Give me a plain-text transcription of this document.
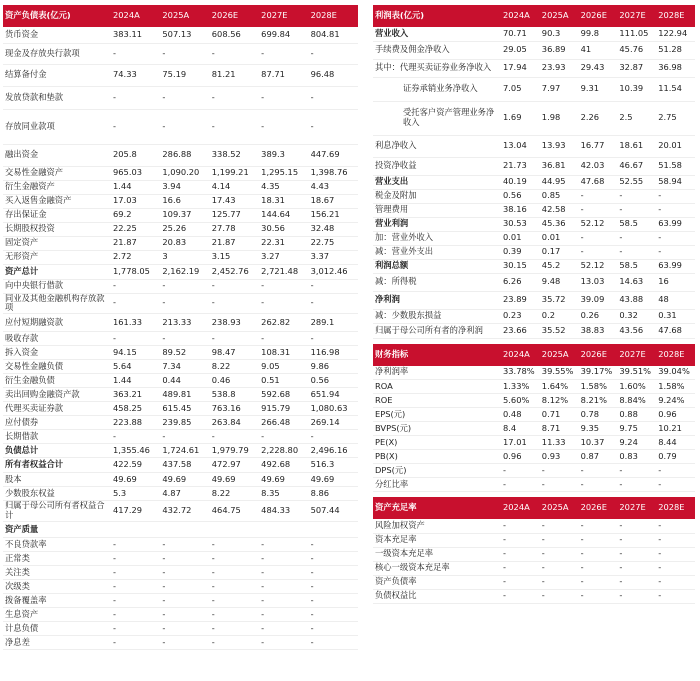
资产负债表(亿元)	2024A	2025A	2026E	2027E	2028E
货币资金	383.11	507.13	608.56	699.84	804.81
现金及存放央行款项	-	-	-	-	-
结算备付金	74.33	75.19	81.21	87.71	96.48
发放贷款和垫款	-	-	-	-	-
存放同业款项	-	-	-	-	-
融出资金	205.8	286.88	338.52	389.3	447.69
交易性金融资产	965.03	1,090.20	1,199.21	1,295.15	1,398.76
衍生金融资产	1.44	3.94	4.14	4.35	4.43
买入返售金融资产	17.03	16.6	17.43	18.31	18.67
存出保证金	69.2	109.37	125.77	144.64	156.21
长期股权投资	22.25	25.26	27.78	30.56	32.48
固定资产	21.87	20.83	21.87	22.31	22.75
无形资产	2.72	3	3.15	3.27	3.37
资产总计	1,778.05	2,162.19	2,452.76	2,721.48	3,012.46
向中央银行借款	-	-	-	-	-
同业及其他金融机构存放款项	-	-	-	-	-
应付短期融资款	161.33	213.33	238.93	262.82	289.1
吸收存款	-	-	-	-	-
拆入资金	94.15	89.52	98.47	108.31	116.98
交易性金融负债	5.64	7.34	8.22	9.05	9.86
衍生金融负债	1.44	0.44	0.46	0.51	0.56
卖出回购金融资产款	363.21	489.81	538.8	592.68	651.94
代理买卖证券款	458.25	615.45	763.16	915.79	1,080.63
应付债券	223.88	239.85	263.84	266.48	269.14
长期借款	-	-	-	-	-
负债总计	1,355.46	1,724.61	1,979.79	2,228.80	2,496.16
所有者权益合计	422.59	437.58	472.97	492.68	516.3
股本	49.69	49.69	49.69	49.69	49.69
少数股东权益	5.3	4.87	8.22	8.35	8.86
归属于母公司所有者权益合计	417.29	432.72	464.75	484.33	507.44
资产质量					
不良贷款率	-	-	-	-	-
正常类	-	-	-	-	-
关注类	-	-	-	-	-
次级类	-	-	-	-	-
拨备覆盖率	-	-	-	-	-
生息资产	-	-	-	-	-
计息负债	-	-	-	-	-
净息差	-	-	-	-	-
利润表(亿元)	2024A	2025A	2026E	2027E	2028E
营业收入	70.71	90.3	99.8	111.05	122.94
手续费及佣金净收入	29.05	36.89	41	45.76	51.28
其中：代理买卖证券业务净收入	17.94	23.93	29.43	32.87	36.98
证券承销业务净收入	7.05	7.97	9.31	10.39	11.54
受托客户资产管理业务净收入	1.69	1.98	2.26	2.5	2.75
利息净收入	13.04	13.93	16.77	18.61	20.01
投资净收益	21.73	36.81	42.03	46.67	51.58
营业支出	40.19	44.95	47.68	52.55	58.94
税金及附加	0.56	0.85	-	-	-
管理费用	38.16	42.58	-	-	-
营业利润	30.53	45.36	52.12	58.5	63.99
加：营业外收入	0.01	0.01	-	-	-
减：营业外支出	0.39	0.17	-	-	-
利润总额	30.15	45.2	52.12	58.5	63.99
减：所得税	6.26	9.48	13.03	14.63	16
净利润	23.89	35.72	39.09	43.88	48
减：少数股东损益	0.23	0.2	0.26	0.32	0.31
归属于母公司所有者的净利润	23.66	35.52	38.83	43.56	47.68

财务指标	2024A	2025A	2026E	2027E	2028E
净利润率	33.78%	39.55%	39.17%	39.51%	39.04%
ROA	1.33%	1.64%	1.58%	1.60%	1.58%
ROE	5.60%	8.12%	8.21%	8.84%	9.24%
EPS(元)	0.48	0.71	0.78	0.88	0.96
BVPS(元)	8.4	8.71	9.35	9.75	10.21
PE(X)	17.01	11.33	10.37	9.24	8.44
PB(X)	0.96	0.93	0.87	0.83	0.79
DPS(元)	-	-	-	-	-
分红比率	-	-	-	-	-

资产充足率	2024A	2025A	2026E	2027E	2028E
风险加权资产	-	-	-	-	-
资本充足率	-	-	-	-	-
一级资本充足率	-	-	-	-	-
核心一级资本充足率	-	-	-	-	-
资产负债率	-	-	-	-	-
负债权益比	-	-	-	-	-
